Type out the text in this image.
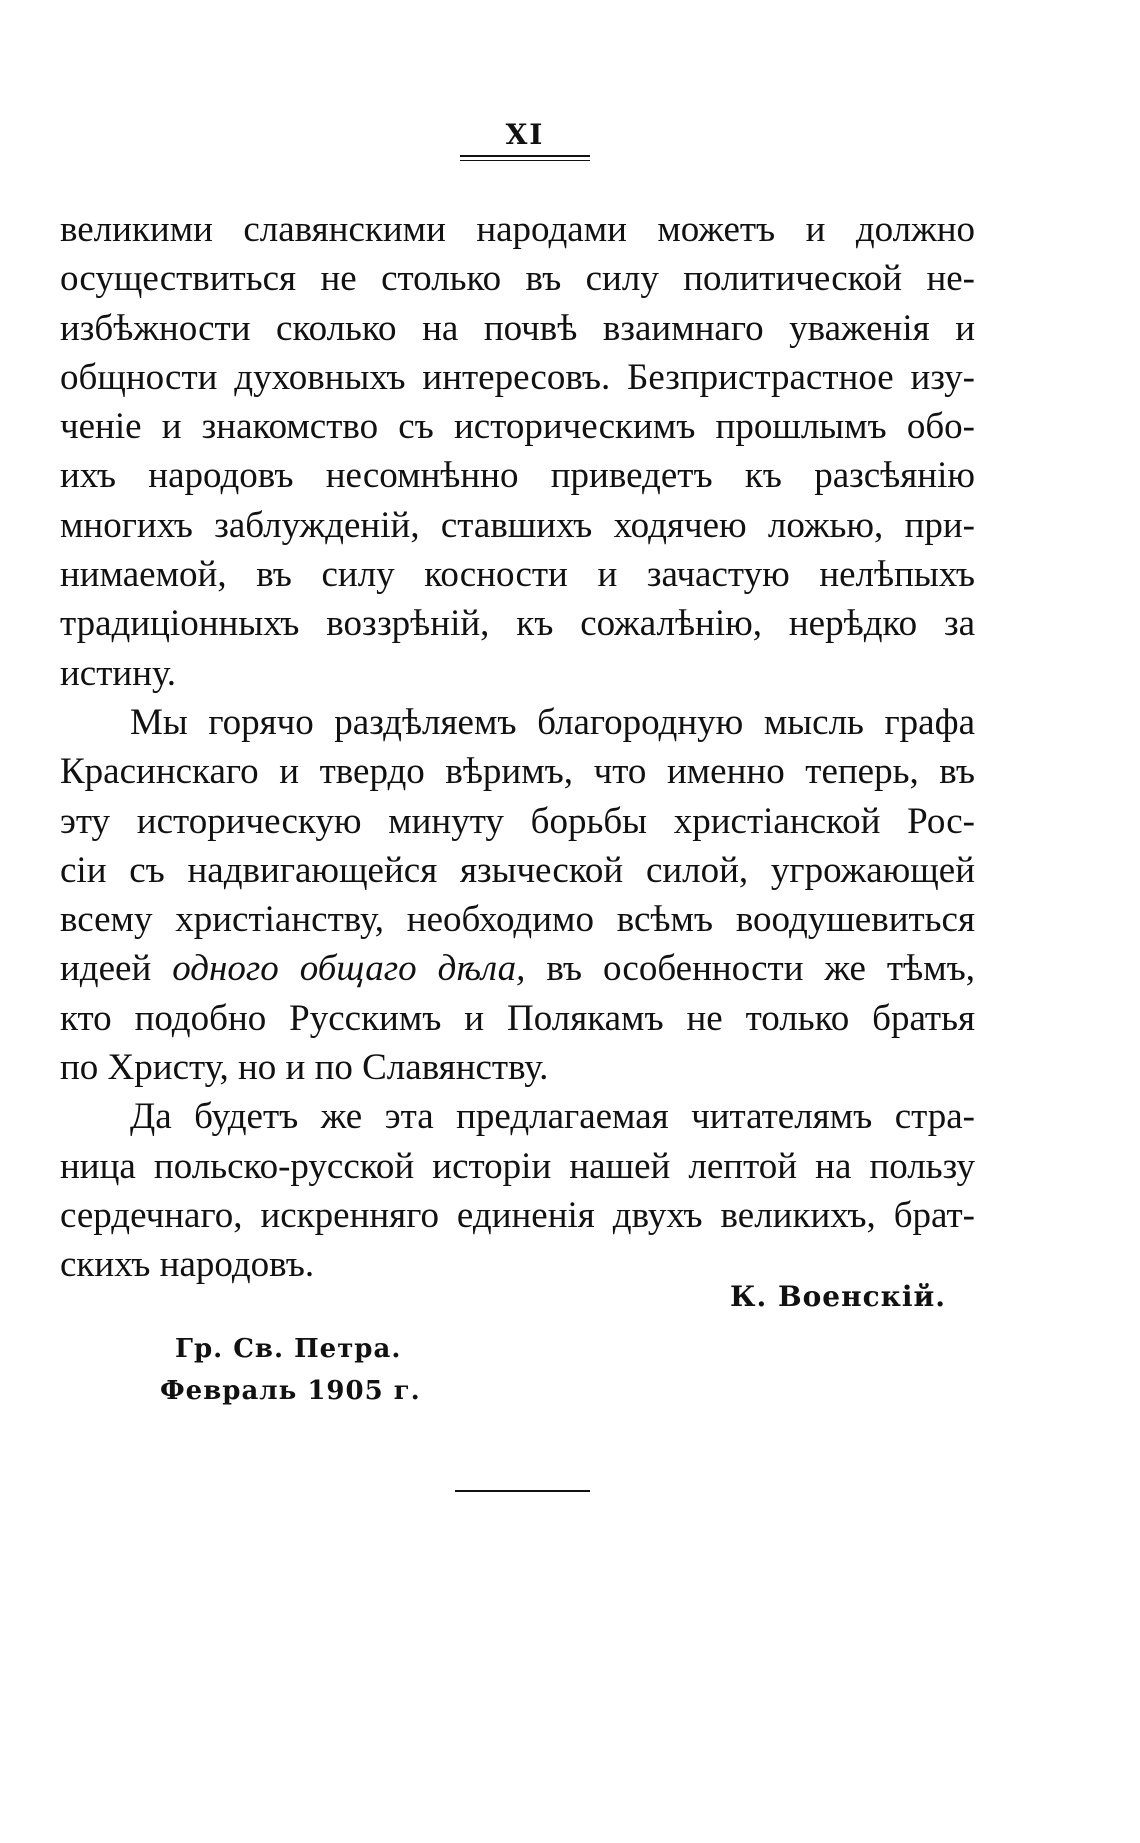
XI
великими славянскими народами можетъ и должно
осуществиться не столько въ силу политической не-
избѣжности сколько на почвѣ взаимнаго уваженія и
общности духовныхъ интересовъ. Безпристрастное изу-
ченіе и знакомство съ историческимъ прошлымъ обо-
ихъ народовъ несомнѣнно приведетъ къ разсѣянію
многихъ заблужденій, ставшихъ ходячею ложью, при-
нимаемой, въ силу косности и зачастую нелѣпыхъ
традиціонныхъ воззрѣній, къ сожалѣнію, нерѣдко за
истину.
Мы горячо раздѣляемъ благородную мысль графа
Красинскаго и твердо вѣримъ, что именно теперь, въ
эту историческую минуту борьбы христіанской Рос-
сіи съ надвигающейся языческой силой, угрожающей
всему христіанству, необходимо всѣмъ воодушевиться
идеей одного общаго дѣла, въ особенности же тѣмъ,
кто подобно Русскимъ и Полякамъ не только братья
по Христу, но и по Славянству.
Да будетъ же эта предлагаемая читателямъ стра-
ница польско-русской исторіи нашей лептой на пользу
сердечнаго, искренняго единенія двухъ великихъ, брат-
скихъ народовъ.
К. Военскій.
Гр. Св. Петра.
Февраль 1905 г.
